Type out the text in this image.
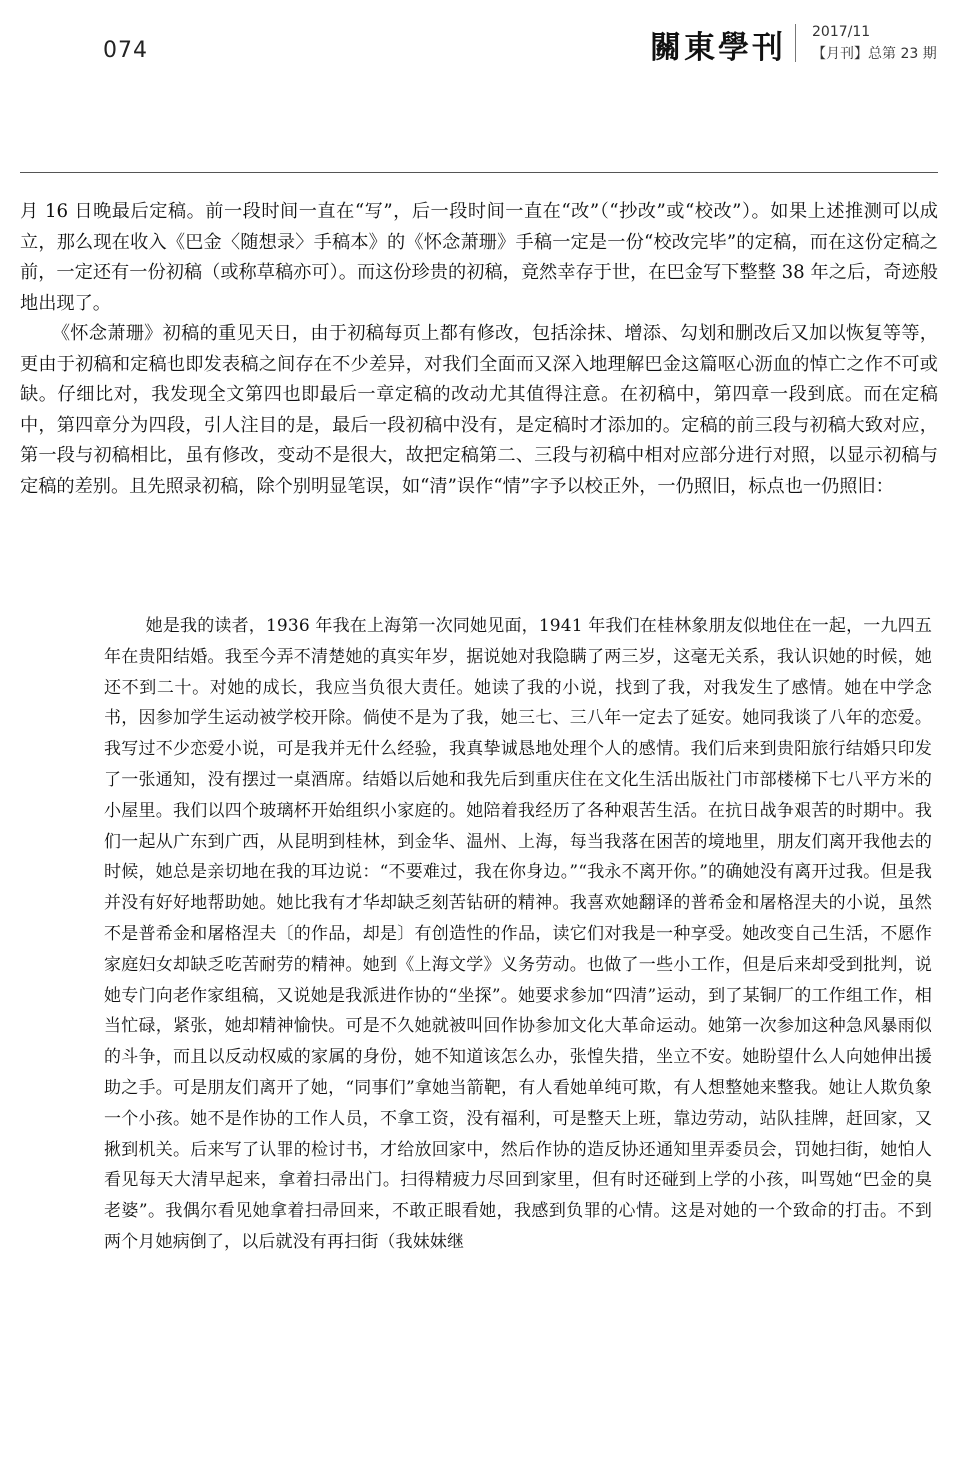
074	關東學刊 2017/11
【月刊】总第 23 期

月 16 日晚最后定稿。前一段时间一直在“写”，后一段时间一直在“改”（“抄改”或“校改”）。如果上述推测可以成立，那么现在收入《巴金〈随想录〉手稿本》的《怀念萧珊》手稿一定是一份“校改完毕”的定稿，而在这份定稿之前，一定还有一份初稿（或称草稿亦可）。而这份珍贵的初稿，竟然幸存于世，在巴金写下整整 38 年之后，奇迹般地出现了。

《怀念萧珊》初稿的重见天日，由于初稿每页上都有修改，包括涂抹、增添、勾划和删改后又加以恢复等等，更由于初稿和定稿也即发表稿之间存在不少差异，对我们全面而又深入地理解巴金这篇呕心沥血的悼亡之作不可或缺。仔细比对，我发现全文第四也即最后一章定稿的改动尤其值得注意。在初稿中，第四章一段到底。而在定稿中，第四章分为四段，引人注目的是，最后一段初稿中没有，是定稿时才添加的。定稿的前三段与初稿大致对应，第一段与初稿相比，虽有修改，变动不是很大，故把定稿第二、三段与初稿中相对应部分进行对照，以显示初稿与定稿的差别。且先照录初稿，除个别明显笔误，如“清”误作“情”字予以校正外，一仍照旧，标点也一仍照旧：

她是我的读者，1936 年我在上海第一次同她见面，1941 年我们在桂林象朋友似地住在一起，一九四五年在贵阳结婚。我至今弄不清楚她的真实年岁，据说她对我隐瞒了两三岁，这毫无关系，我认识她的时候，她还不到二十。对她的成长，我应当负很大责任。她读了我的小说，找到了我，对我发生了感情。她在中学念书，因参加学生运动被学校开除。倘使不是为了我，她三七、三八年一定去了延安。她同我谈了八年的恋爱。我写过不少恋爱小说，可是我并无什么经验，我真挚诚恳地处理个人的感情。我们后来到贵阳旅行结婚只印发了一张通知，没有摆过一桌酒席。结婚以后她和我先后到重庆住在文化生活出版社门市部楼梯下七八平方米的小屋里。我们以四个玻璃杯开始组织小家庭的。她陪着我经历了各种艰苦生活。在抗日战争艰苦的时期中。我们一起从广东到广西，从昆明到桂林，到金华、温州、上海，每当我落在困苦的境地里，朋友们离开我他去的时候，她总是亲切地在我的耳边说：“不要难过，我在你身边。”“我永不离开你。”的确她没有离开过我。但是我并没有好好地帮助她。她比我有才华却缺乏刻苦钻研的精神。我喜欢她翻译的普希金和屠格涅夫的小说，虽然不是普希金和屠格涅夫〔的作品，却是〕有创造性的作品，读它们对我是一种享受。她改变自己生活，不愿作家庭妇女却缺乏吃苦耐劳的精神。她到《上海文学》义务劳动。也做了一些小工作，但是后来却受到批判，说她专门向老作家组稿，又说她是我派进作协的“坐探”。她要求参加“四清”运动，到了某铜厂的工作组工作，相当忙碌，紧张，她却精神愉快。可是不久她就被叫回作协参加文化大革命运动。她第一次参加这种急风暴雨似的斗争，而且以反动权威的家属的身份，她不知道该怎么办，张惶失措，坐立不安。她盼望什么人向她伸出援助之手。可是朋友们离开了她，“同事们”拿她当箭靶，有人看她单纯可欺，有人想整她来整我。她让人欺负象一个小孩。她不是作协的工作人员，不拿工资，没有福利，可是整天上班，靠边劳动，站队挂牌，赶回家，又揪到机关。后来写了认罪的检讨书，才给放回家中，然后作协的造反协还通知里弄委员会，罚她扫街，她怕人看见每天大清早起来，拿着扫帚出门。扫得精疲力尽回到家里，但有时还碰到上学的小孩，叫骂她“巴金的臭老婆”。我偶尔看见她拿着扫帚回来，不敢正眼看她，我感到负罪的心情。这是对她的一个致命的打击。不到两个月她病倒了，以后就没有再扫街（我妹妹继
